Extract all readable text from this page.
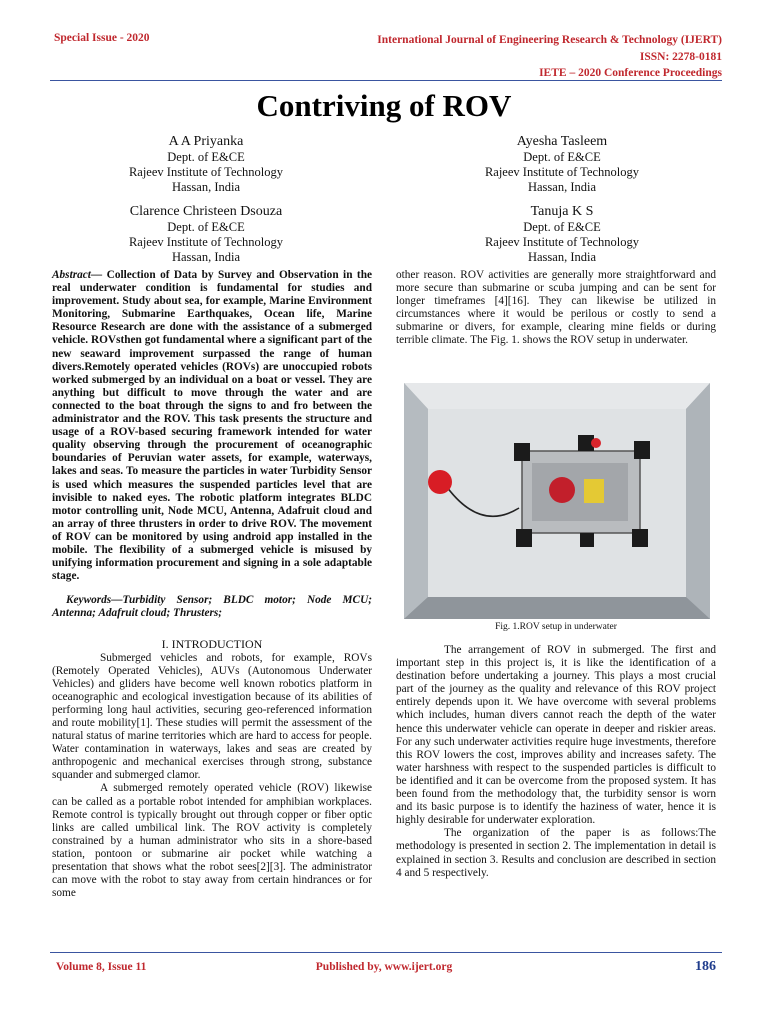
Special Issue - 2020	International Journal of Engineering Research & Technology (IJERT)
ISSN: 2278-0181
IETE – 2020 Conference Proceedings
Contriving of ROV
A A Priyanka
Dept. of E&CE
Rajeev Institute of Technology
Hassan, India
Ayesha Tasleem
Dept. of E&CE
Rajeev Institute of Technology
Hassan, India
Clarence Christeen Dsouza
Dept. of E&CE
Rajeev Institute of Technology
Hassan, India
Tanuja K S
Dept. of E&CE
Rajeev Institute of Technology
Hassan, India

Abstract— Collection of Data by Survey and Observation in the real underwater condition is fundamental for studies and improvement. Study about sea, for example, Marine Environment Monitoring, Submarine Earthquakes, Ocean life, Marine Resource Research are done with the assistance of a submerged vehicle. ROVsthen got fundamental where a significant part of the new seaward improvement surpassed the range of human divers.Remotely operated vehicles (ROVs) are unoccupied robots worked submerged by an individual on a boat or vessel. They are anything but difficult to move through the water and are connected to the boat through the signs to and fro between the administrator and the ROV. This task presents the structure and usage of a ROV-based securing framework intended for water quality observing through the procurement of oceanographic boundaries of Peruvian water assets, for example, waterways, lakes and seas. To measure the particles in water Turbidity Sensor is used which measures the suspended particles level that are invisible to naked eyes. The robotic platform integrates BLDC motor controlling unit, Node MCU, Antenna, Adafruit cloud and an array of three thrusters in order to drive ROV. The movement of ROV can be monitored by using android app installed in the mobile. The flexibility of a submerged vehicle is misused by unifying information procurement and signing in a sole adaptable stage.

Keywords—Turbidity Sensor; BLDC motor; Node MCU; Antenna; Adafruit cloud; Thrusters;

I. INTRODUCTION

Submerged vehicles and robots, for example, ROVs (Remotely Operated Vehicles), AUVs (Autonomous Underwater Vehicles) and gliders have become well known robotics platform in oceanographic and ecological investigation because of its abilities of performing long haul activities, securing geo-referenced information and route mobility[1]. These studies will permit the assessment of the natural status of marine territories which are hard to access for people. Water contamination in waterways, lakes and seas are created by anthropogenic and mechanical exercises through strong, substance squander and submerged clamor.

A submerged remotely operated vehicle (ROV) likewise can be called as a portable robot intended for amphibian workplaces. Remote control is typically brought out through copper or fiber optic links are called umbilical link. The ROV activity is completely constrained by a human administrator who sits in a shore-based station, pontoon or submarine air pocket while watching a presentation that shows what the robot sees[2][3]. The administrator can move with the robot to stay away from certain hindrances or for some

other reason. ROV activities are generally more straightforward and more secure than submarine or scuba jumping and can be sent for longer timeframes [4][16]. They can likewise be utilized in circumstances where it would be perilous or costly to send a submarine or divers, for example, clearing mine fields or during terrible climate. The Fig. 1. shows the ROV setup in underwater.

Fig. 1.ROV setup in underwater

The arrangement of ROV in submerged. The first and important step in this project is, it is like the identification of a destination before undertaking a journey. This plays a most crucial part of the journey as the quality and relevance of this ROV project entirely depends upon it. We have overcome with several problems which includes, human divers cannot reach the depth of the water hence this underwater vehicle can operate in deeper and riskier areas. For any such underwater activities require huge investments, therefore this ROV lowers the cost, improves ability and increases safety. The water harshness with respect to the suspended particles is difficult to be identified and it can be overcome from the proposed system. It has been found from the methodology that, the turbidity sensor is worn and its basic purpose is to identify the haziness of water, hence it is highly desirable for underwater exploration.

The organization of the paper is as follows:The methodology is presented in section 2. The implementation in detail is explained in section 3. Results and conclusion are described in section 4 and 5 respectively.

Volume 8, Issue 11	Published by, www.ijert.org	186
